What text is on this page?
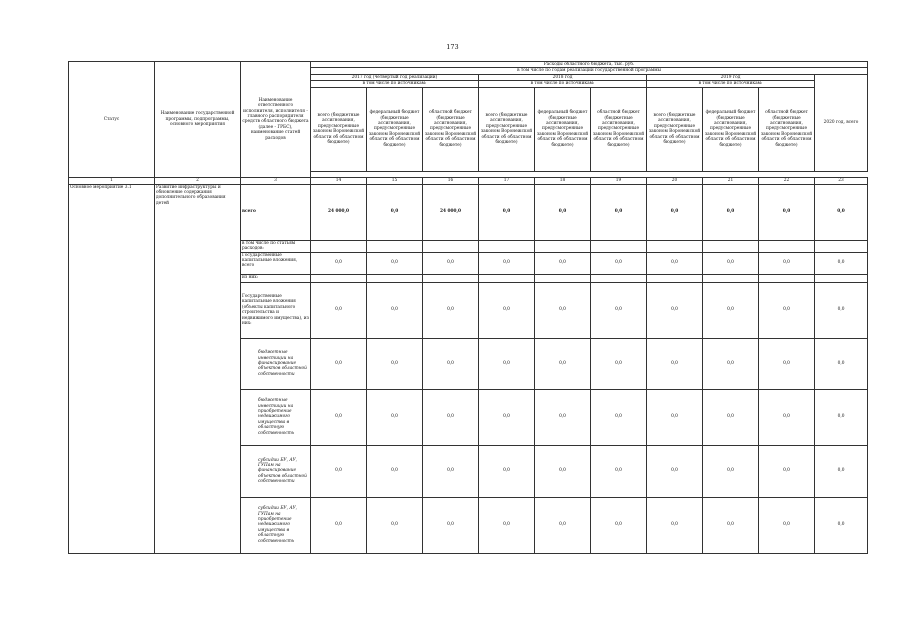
173
Статус	Наименование государственной программы, подпрограммы, основного мероприятия	Наименование ответственного исполнителя, исполнителя - главного распорядителя средств областного бюджета (далее - ГРБС), наименование статей расходов	Расходы областного бюджета, тыс. руб.									
			в том числе по годам реализации государственной программы									
			2017 год (четвертый год реализации)			2018 год			2019 год			2020 год, всего
			в том числе по источникам:			в том числе по источникам:			в том числе по источникам:			
			всего (бюджетные ассигнования, предусмотренные законом Воронежской области об областном бюджете)	федеральный бюджет (бюджетные ассигнования, предусмотренные законом Воронежской области об областном бюджете)	областной бюджет (бюджетные ассигнования, предусмотренные законом Воронежской области об областном бюджете)	всего (бюджетные ассигнования, предусмотренные законом Воронежской области об областном бюджете)	федеральный бюджет (бюджетные ассигнования, предусмотренные законом Воронежской области об областном бюджете)	областной бюджет (бюджетные ассигнования, предусмотренные законом Воронежской области об областном бюджете)	всего (бюджетные ассигнования, предусмотренные законом Воронежской области об областном бюджете)	федеральный бюджет (бюджетные ассигнования, предусмотренные законом Воронежской области об областном бюджете)	областной бюджет (бюджетные ассигнования, предусмотренные законом Воронежской области об областном бюджете)	

1	2	3	14	15	16	17	18	19	20	21	22	23
Основное мероприятие 3.1	Развитие инфраструктуры и обновление содержания дополнительного образования детей	всего	24 000,0	0,0	24 000,0	0,0	0,0	0,0	0,0	0,0	0,0	0,0
		в том числе по статьям расходов:										
		Государственные капитальные вложения, всего	0,0	0,0	0,0	0,0	0,0	0,0	0,0	0,0	0,0	0,0
		из них:										
		Государственные капитальные вложения (объекты капитального строительства и недвижимого имущества), из них:	0,0	0,0	0,0	0,0	0,0	0,0	0,0	0,0	0,0	0,0
		бюджетные инвестиции на финансирование объектов областной собственности	0,0	0,0	0,0	0,0	0,0	0,0	0,0	0,0	0,0	0,0
		бюджетные инвестиции на приобретение недвижимого имущества в областную собственность	0,0	0,0	0,0	0,0	0,0	0,0	0,0	0,0	0,0	0,0
		субсидии БУ, АУ, ГУПам на финансирование объектов областной собственности	0,0	0,0	0,0	0,0	0,0	0,0	0,0	0,0	0,0	0,0
		субсидии БУ, АУ, ГУПам на приобретение недвижимого имущества в областную собственность	0,0	0,0	0,0	0,0	0,0	0,0	0,0	0,0	0,0	0,0
